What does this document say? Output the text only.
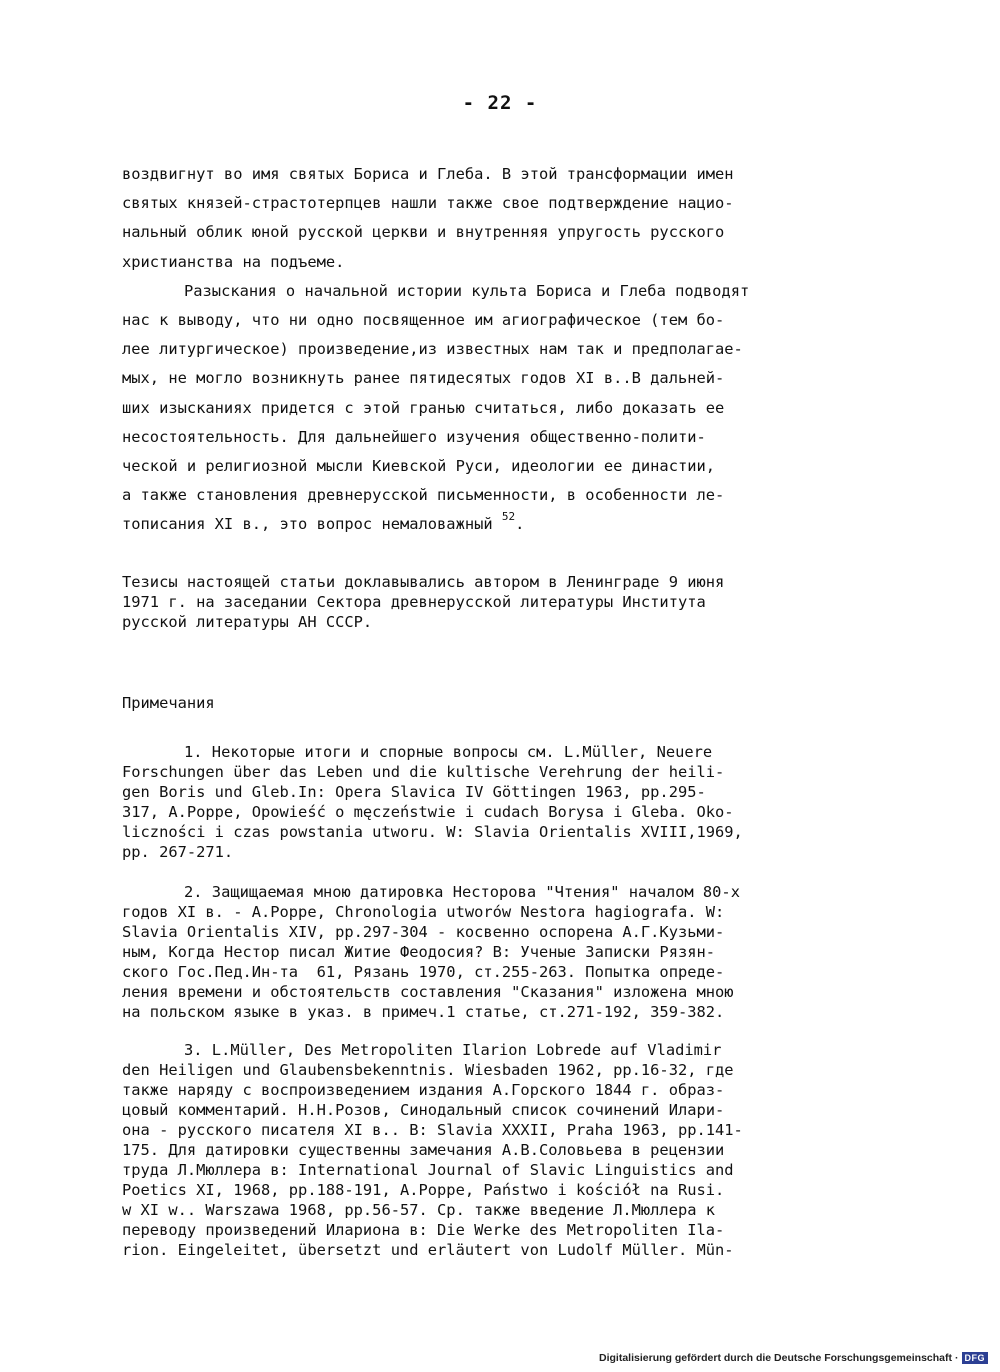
- 22 -
воздвигнут во имя святых Бориса и Глеба. В этой трансформации имен
святых князей-страстотерпцев нашли также свое подтверждение нацио-
нальный облик юной русской церкви и внутренняя упругость русского
христианства на подъеме.
Разыскания о начальной истории культа Бориса и Глеба подводят
нас к выводу, что ни одно посвященное им агиографическое (тем бо-
лее литургическое) произведение,из известных нам так и предполагае-
мых, не могло возникнуть ранее пятидесятых годов XI в..В дальней-
ших изысканиях придется с этой гранью считаться, либо доказать ее
несостоятельность. Для дальнейшего изучения общественно-полити-
ческой и религиозной мысли Киевской Руси, идеологии ее династии,
а также становления древнерусской письменности, в особенности ле-
тописания XI в., это вопрос немаловажный $^{52}$.
Тезисы настоящей статьи доклавывались автором в Ленинграде 9 июня
1971 г. на заседании Сектора древнерусской литературы Института
русской литературы АН СССР.
Примечания
1. Некоторые итоги и спорные вопросы см. L.Müller, Neuere
Forschungen über das Leben und die kultische Verehrung der heili-
gen Boris und Gleb.In: Opera Slavica IV Göttingen 1963, pp.295-
317, A.Poppe, Opowieść o męczeństwie i cudach Borysa i Gleba. Oko-
liczności i czas powstania utworu. W: Slavia Orientalis XVIII,1969,
pp. 267-271.
2. Защищаемая мною датировка Несторова "Чтения" началом 80-х
годов XI в. - A.Poppe, Chronologia utworów Nestora hagiografa. W:
Slavia Orientalis XIV, pp.297-304 - косвенно оспорена А.Г.Кузьми-
ным, Когда Нестор писал Житие Феодосия? В: Ученые Записки Рязян-
ского Гос.Пед.Ин-та  61, Рязань 1970, ст.255-263. Попытка опреде-
ления времени и обстоятельств составления "Сказания" изложена мною
на польском языке в указ. в примеч.1 статье, ст.271-192, 359-382.
3. L.Müller, Des Metropoliten Ilarion Lobrede auf Vladimir
den Heiligen und Glaubensbekenntnis. Wiesbaden 1962, pp.16-32, где
также наряду с воспроизведением издания А.Горского 1844 г. образ-
цовый комментарий. Н.Н.Розов, Синодальный список сочинений Илари-
она - русского писателя XI в.. В: Slavia XXXII, Praha 1963, pp.141-
175. Для датировки существенны замечания А.В.Соловьева в рецензии
труда Л.Мюллера в: International Journal of Slavic Linguistics and
Poetics XI, 1968, pp.188-191, A.Poppe, Państwo i kościół na Rusi.
w XI w.. Warszawa 1968, pp.56-57. Ср. также введение Л.Мюллера к
переводу произведений Илариона в: Die Werke des Metropoliten Ila-
rion. Eingeleitet, übersetzt und erläutert von Ludolf Müller. Mün-
Digitalisierung gefördert durch die Deutsche Forschungsgemeinschaft · DFG
